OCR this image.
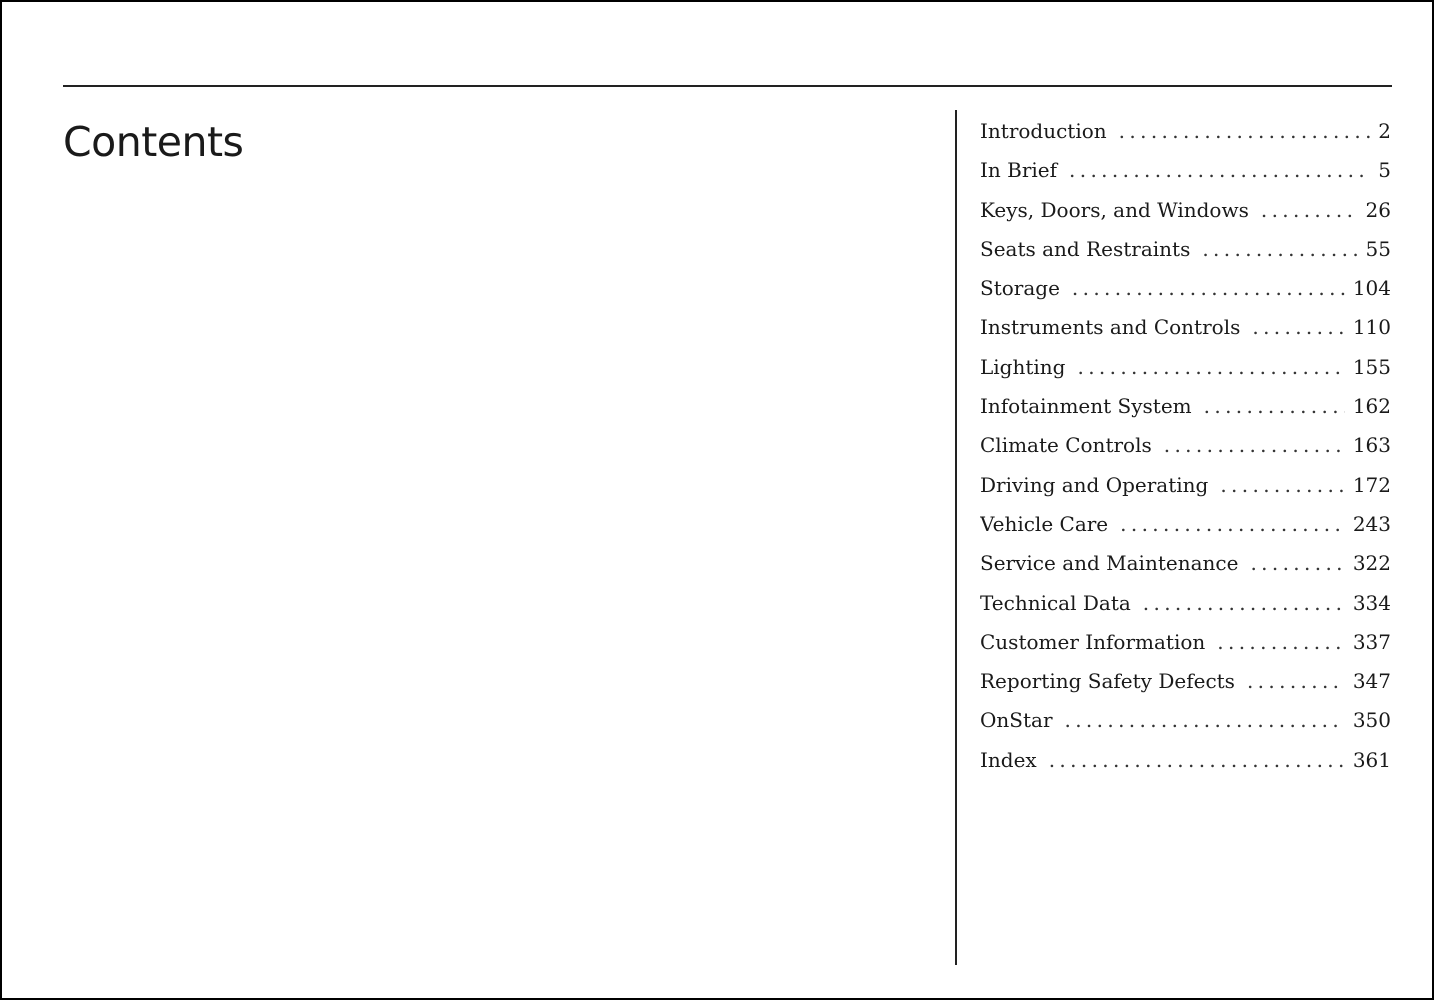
Contents	Introduction . . .	2
In Brief . . .	5
Keys, Doors, and Windows . . .	26
Seats and Restraints . . .	55
Storage . . .	104
Instruments and Controls . . .	110
Lighting . . .	155
Infotainment System . . .	162
Climate Controls . . .	163
Driving and Operating . . .	172
Vehicle Care . . .	243
Service and Maintenance . . .	322
Technical Data . . .	334
Customer Information . . .	337
Reporting Safety Defects . . .	347
OnStar . . .	350
Index . . .	361
